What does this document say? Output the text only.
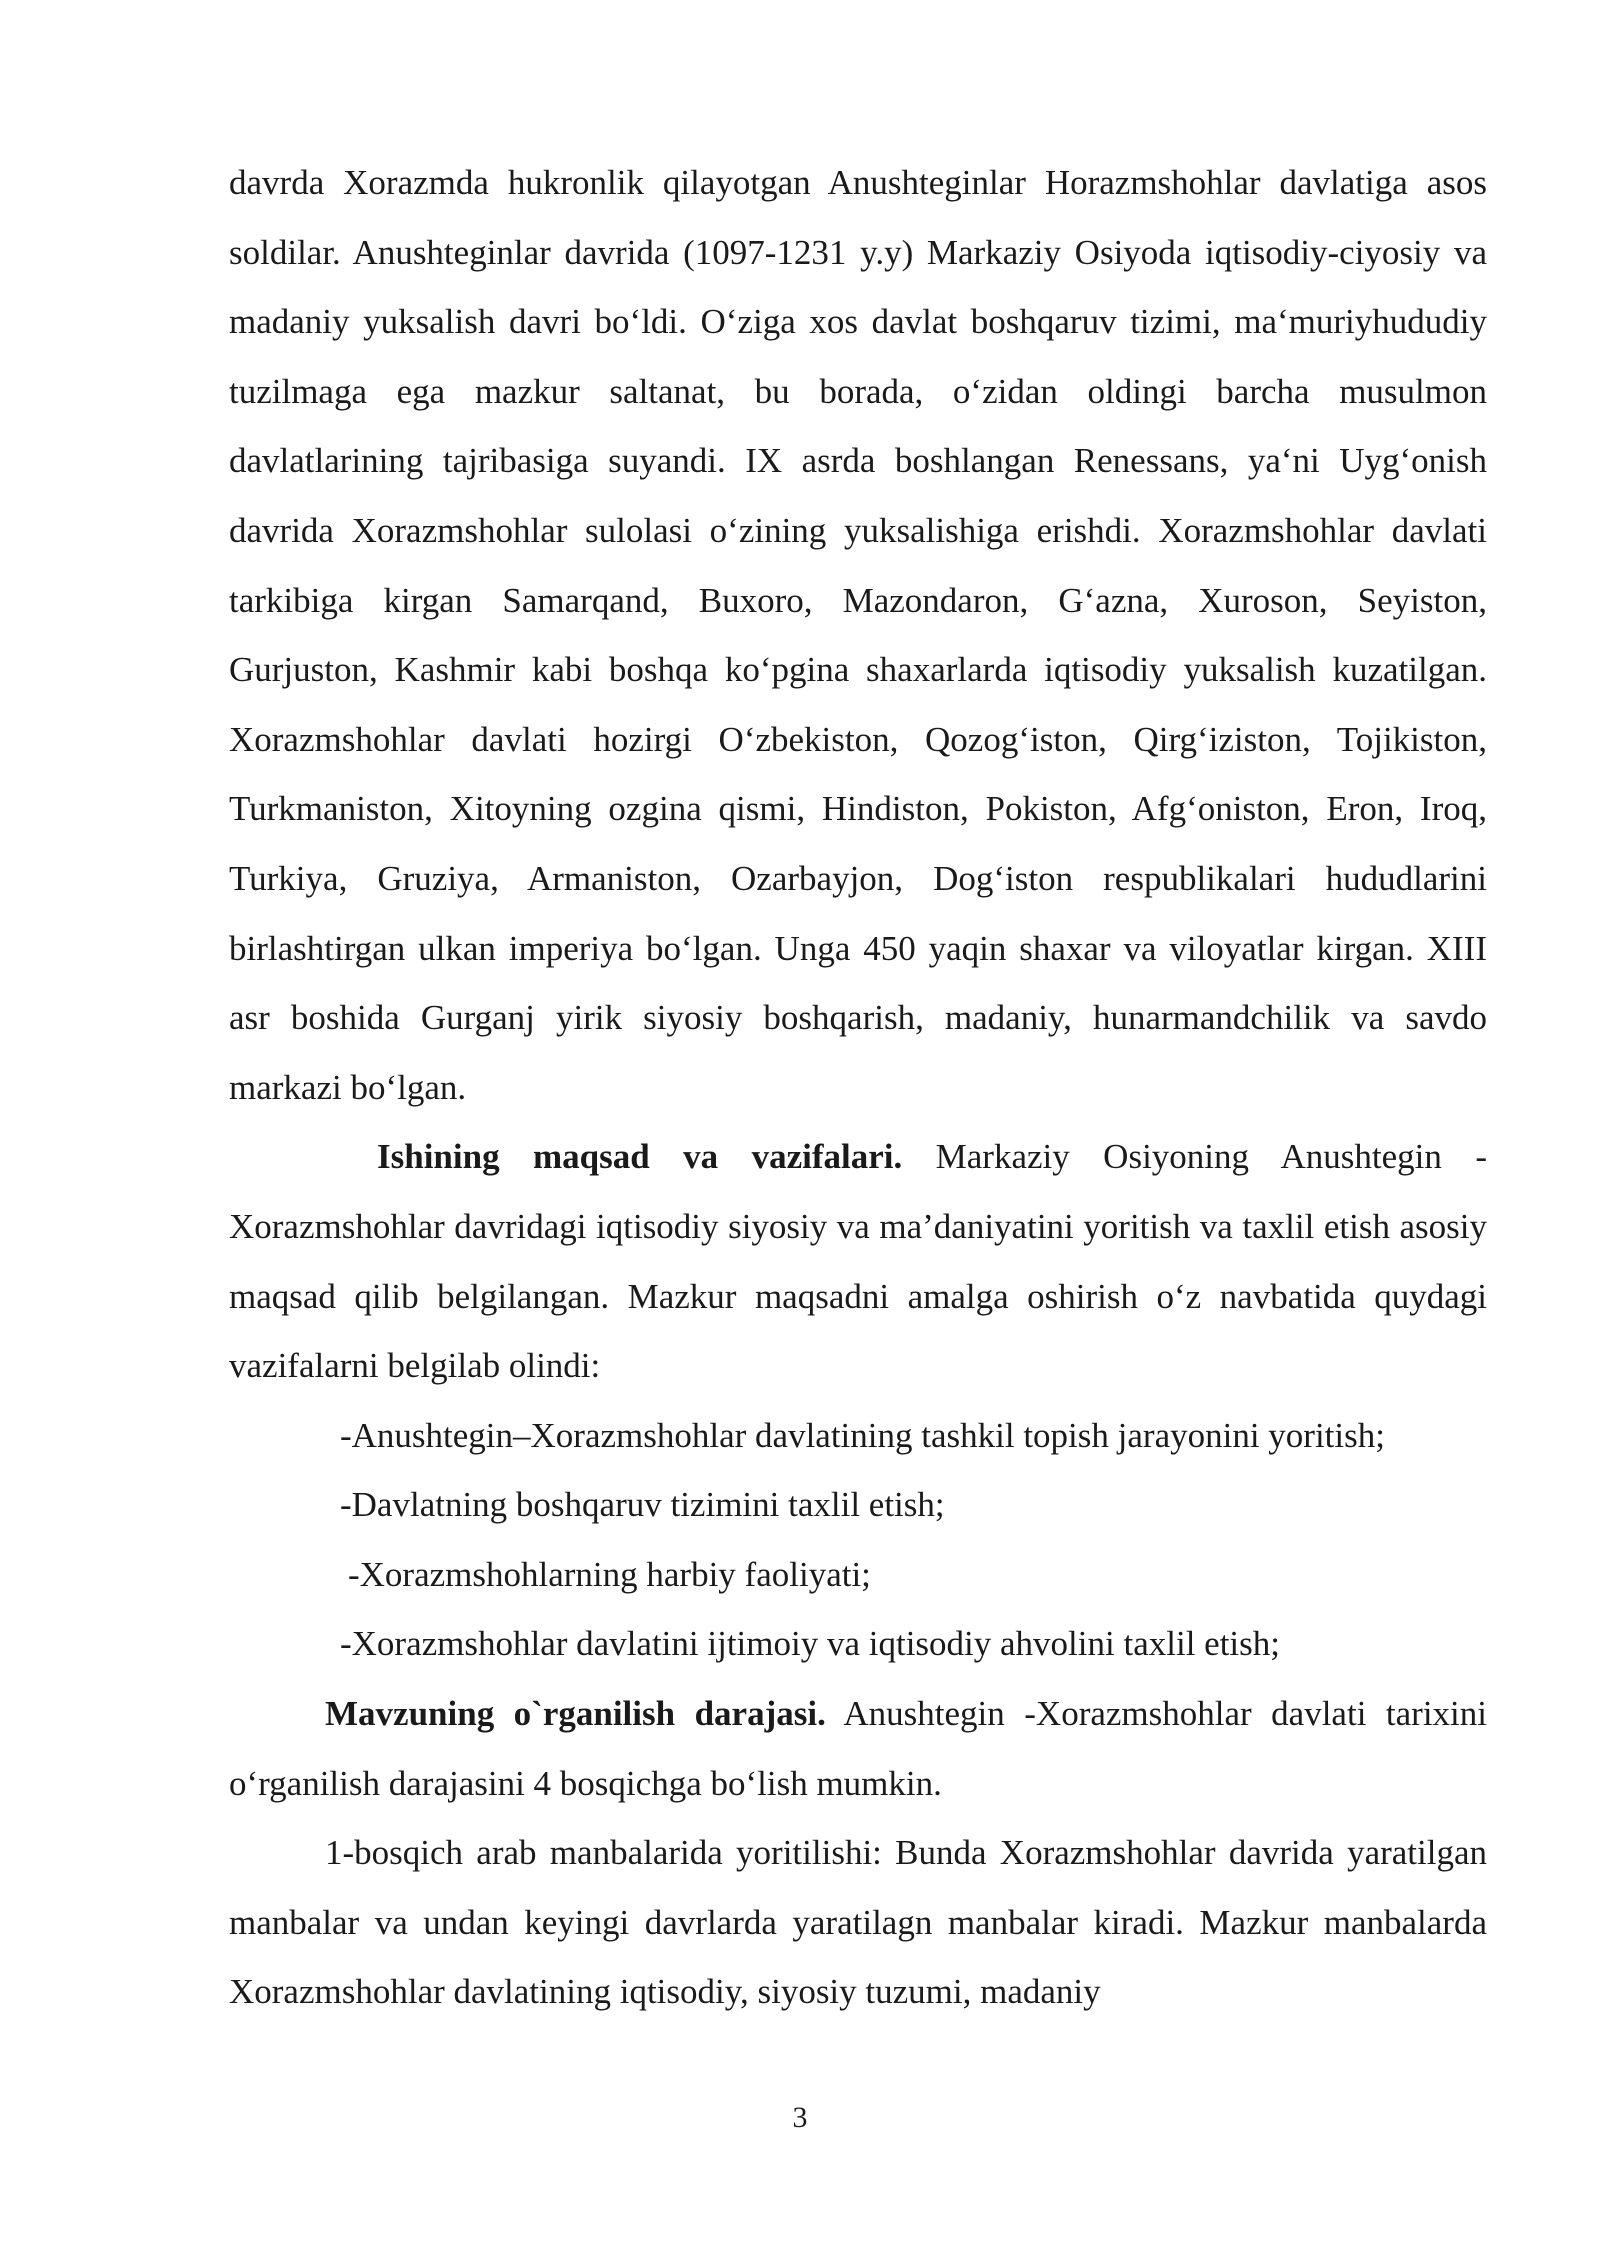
davrda Xorazmda hukronlik qilayotgan Anushteginlar Horazmshohlar davlatiga asos soldilar. Anushteginlar davrida (1097-1231 y.y) Markaziy Osiyoda iqtisodiy-ciyosiy va madaniy yuksalish davri bo‘ldi. O‘ziga xos davlat boshqaruv tizimi, ma‘muriyhududiy tuzilmaga ega mazkur saltanat, bu borada, o‘zidan oldingi barcha musulmon davlatlarining tajribasiga suyandi. IX asrda boshlangan Renessans, ya‘ni Uyg‘onish davrida Xorazmshohlar sulolasi o‘zining yuksalishiga erishdi. Xorazmshohlar davlati tarkibiga kirgan Samarqand, Buxoro, Mazondaron, G‘azna, Xuroson, Seyiston, Gurjuston, Kashmir kabi boshqa ko‘pgina shaxarlarda iqtisodiy yuksalish kuzatilgan. Xorazmshohlar davlati hozirgi O‘zbekiston, Qozog‘iston, Qirg‘iziston, Tojikiston, Turkmaniston, Xitoyning ozgina qismi, Hindiston, Pokiston, Afg‘oniston, Eron, Iroq, Turkiya, Gruziya, Armaniston, Ozarbayjon, Dog‘iston respublikalari hududlarini birlashtirgan ulkan imperiya bo‘lgan. Unga 450 yaqin shaxar va viloyatlar kirgan. XIII asr boshida Gurganj yirik siyosiy boshqarish, madaniy, hunarmandchilik va savdo markazi bo‘lgan.

Ishining maqsad va vazifalari. Markaziy Osiyoning Anushtegin -Xorazmshohlar davridagi iqtisodiy siyosiy va ma’daniyatini yoritish va taxlil etish asosiy maqsad qilib belgilangan. Mazkur maqsadni amalga oshirish o‘z navbatida quydagi vazifalarni belgilab olindi:

-Anushtegin–Xorazmshohlar davlatining tashkil topish jarayonini yoritish;

-Davlatning boshqaruv tizimini taxlil etish;

-Xorazmshohlarning harbiy faoliyati;

-Xorazmshohlar davlatini ijtimoiy va iqtisodiy ahvolini taxlil etish;

Mavzuning o`rganilish darajasi. Anushtegin -Xorazmshohlar davlati tarixini o‘rganilish darajasini 4 bosqichga bo‘lish mumkin.

1-bosqich arab manbalarida yoritilishi: Bunda Xorazmshohlar davrida yaratilgan manbalar va undan keyingi davrlarda yaratilagn manbalar kiradi. Mazkur manbalarda Xorazmshohlar davlatining iqtisodiy, siyosiy tuzumi, madaniy

3
